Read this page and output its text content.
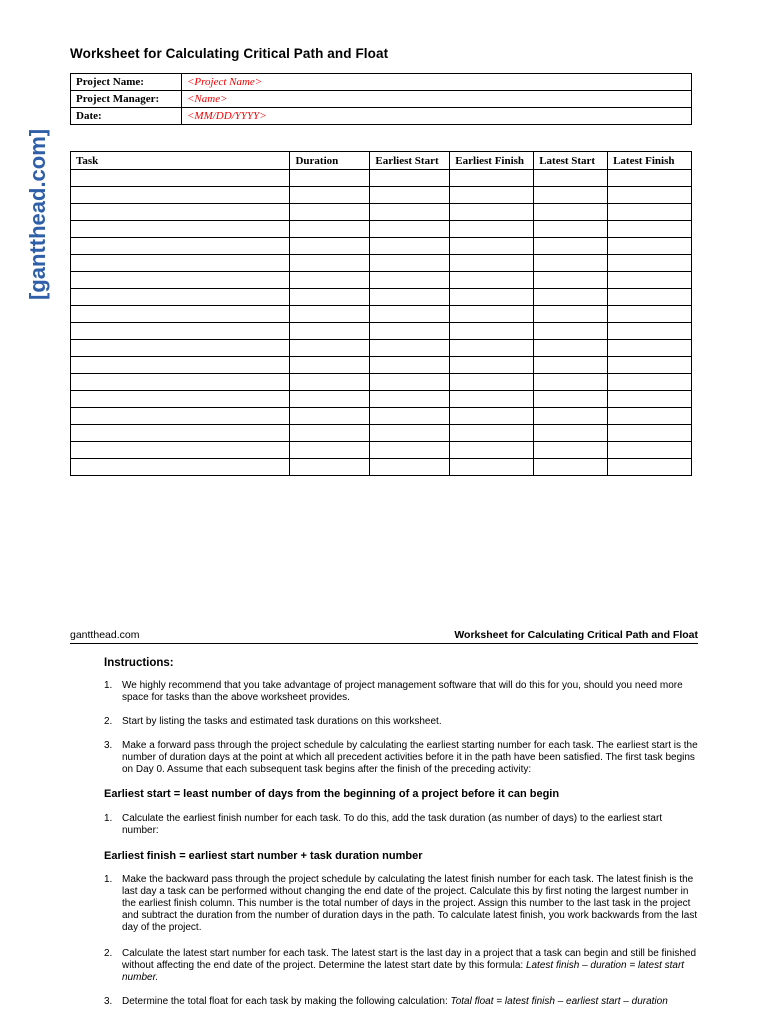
[gantthead.com]
Worksheet for Calculating Critical Path and Float
Project Name:	<Project Name>
Project Manager:	<Name>
Date:	<MM/DD/YYYY>
Task	Duration	Earliest Start	Earliest Finish	Latest Start	Latest Finish

gantthead.com	Worksheet for Calculating Critical Path and Float
Instructions:
1. We highly recommend that you take advantage of project management software that will do this for you, should you need more space for tasks than the above worksheet provides.
2. Start by listing the tasks and estimated task durations on this worksheet.
3. Make a forward pass through the project schedule by calculating the earliest starting number for each task. The earliest start is the number of duration days at the point at which all precedent activities before it in the path have been satisfied. The first task begins on Day 0. Assume that each subsequent task begins after the finish of the preceding activity:
Earliest start = least number of days from the beginning of a project before it can begin
1. Calculate the earliest finish number for each task. To do this, add the task duration (as number of days) to the earliest start number:
Earliest finish = earliest start number + task duration number
1. Make the backward pass through the project schedule by calculating the latest finish number for each task. The latest finish is the last day a task can be performed without changing the end date of the project. Calculate this by first noting the largest number in the earliest finish column. This number is the total number of days in the project. Assign this number to the last task in the project and subtract the duration from the number of duration days in the path. To calculate latest finish, you work backwards from the last day of the project.
2. Calculate the latest start number for each task. The latest start is the last day in a project that a task can begin and still be finished without affecting the end date of the project. Determine the latest start date by this formula: Latest finish – duration = latest start number.
3. Determine the total float for each task by making the following calculation: Total float = latest finish – earliest start – duration
